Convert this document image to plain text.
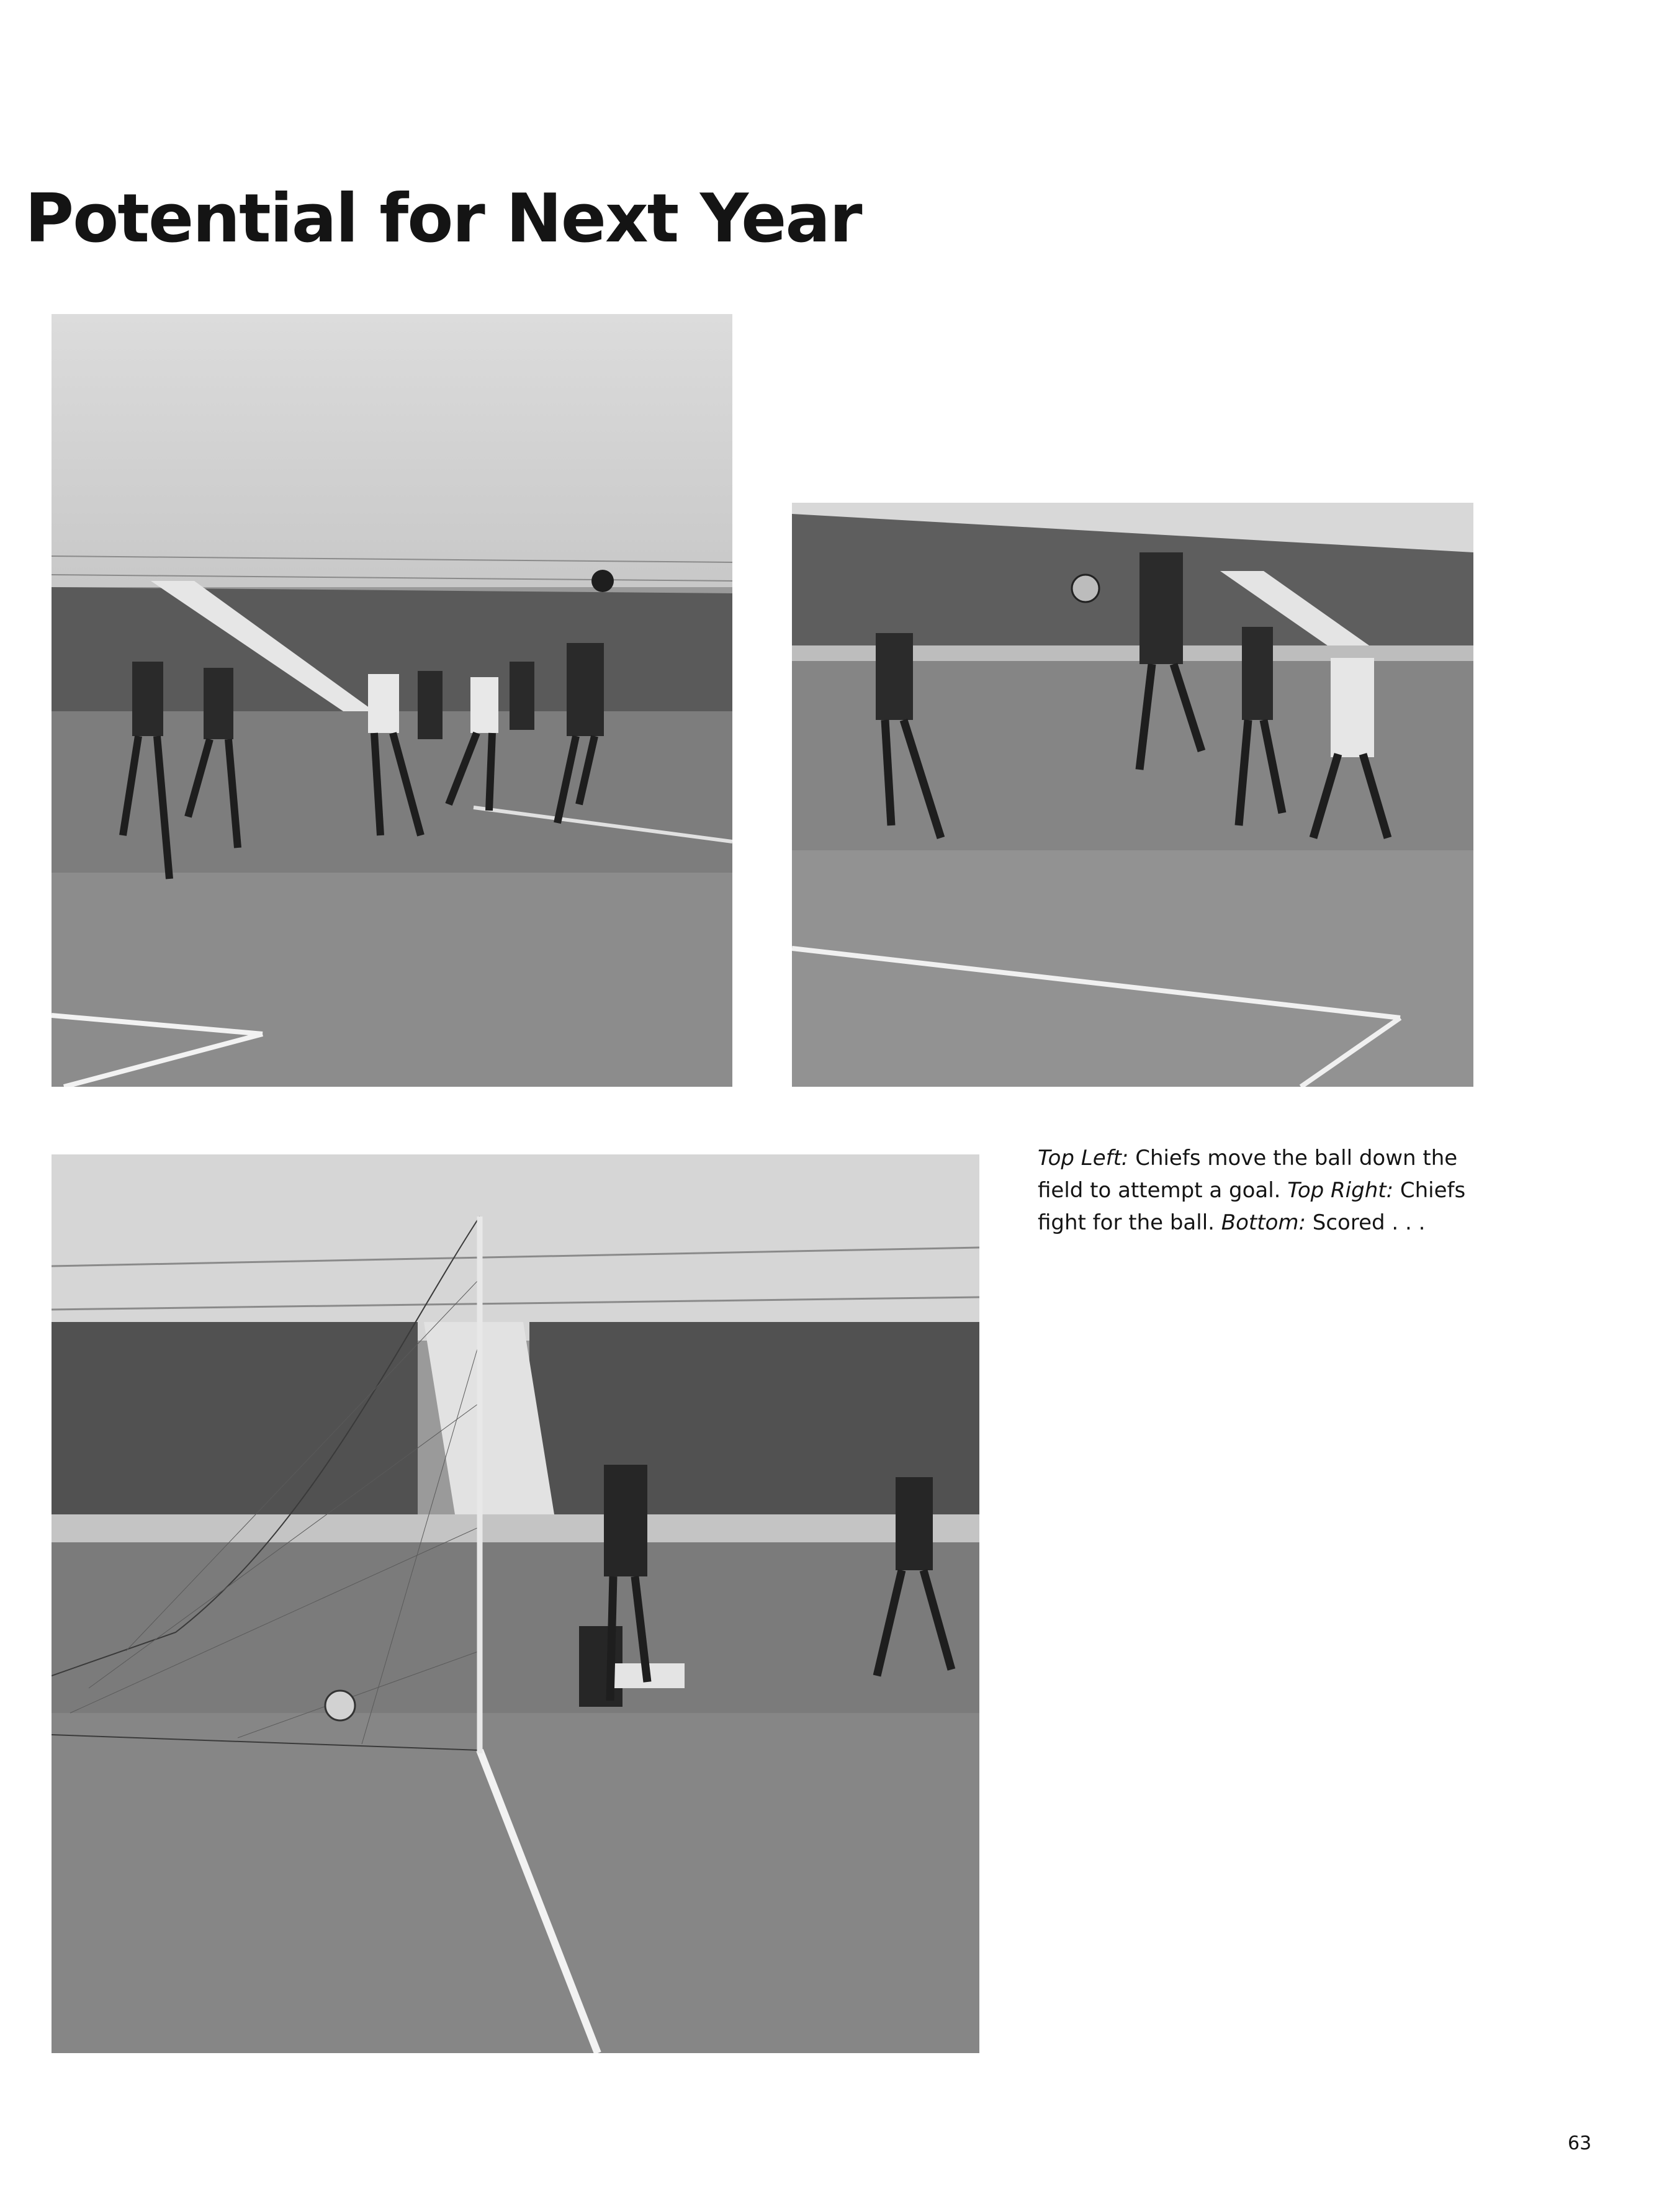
Potential for Next Year
Top Left: Chiefs move the ball down the field to attempt a goal. Top Right: Chiefs fight for the ball. Bottom: Scored . . .
63
